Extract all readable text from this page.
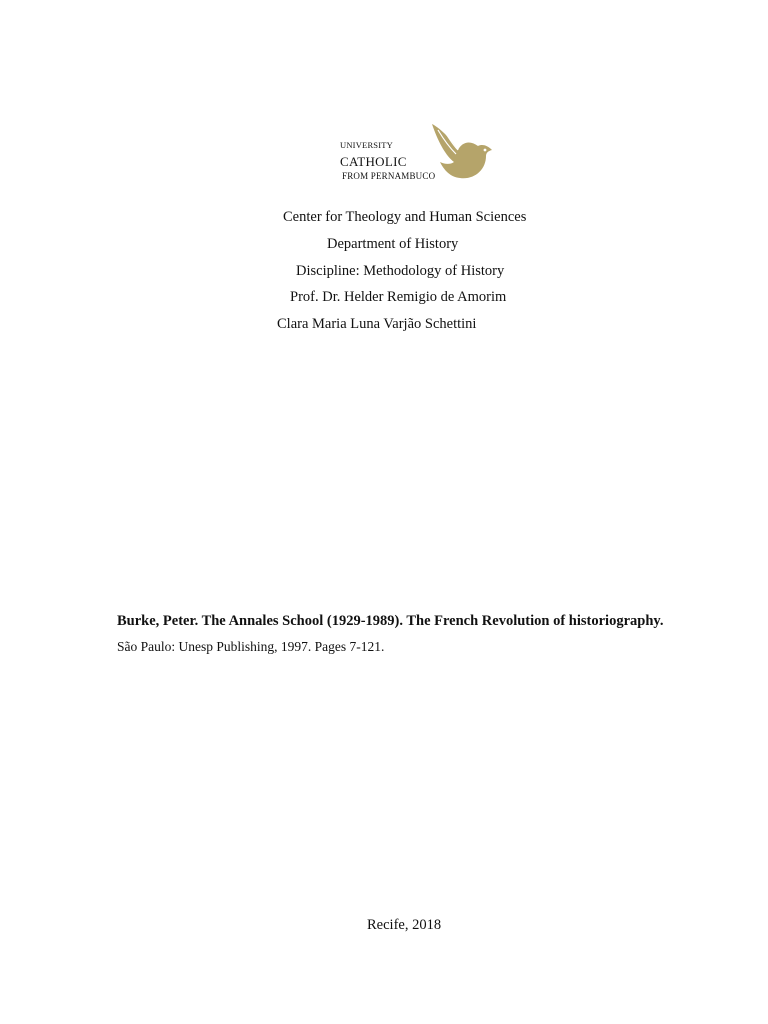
UNIVERSITY
CATHOLIC
FROM PERNAMBUCO
Center for Theology and Human Sciences
Department of History
Discipline: Methodology of History
Prof. Dr. Helder Remigio de Amorim
Clara Maria Luna Varjão Schettini
Burke, Peter. The Annales School (1929-1989). The French Revolution of historiography.
São Paulo: Unesp Publishing, 1997. Pages 7-121.
Recife, 2018
